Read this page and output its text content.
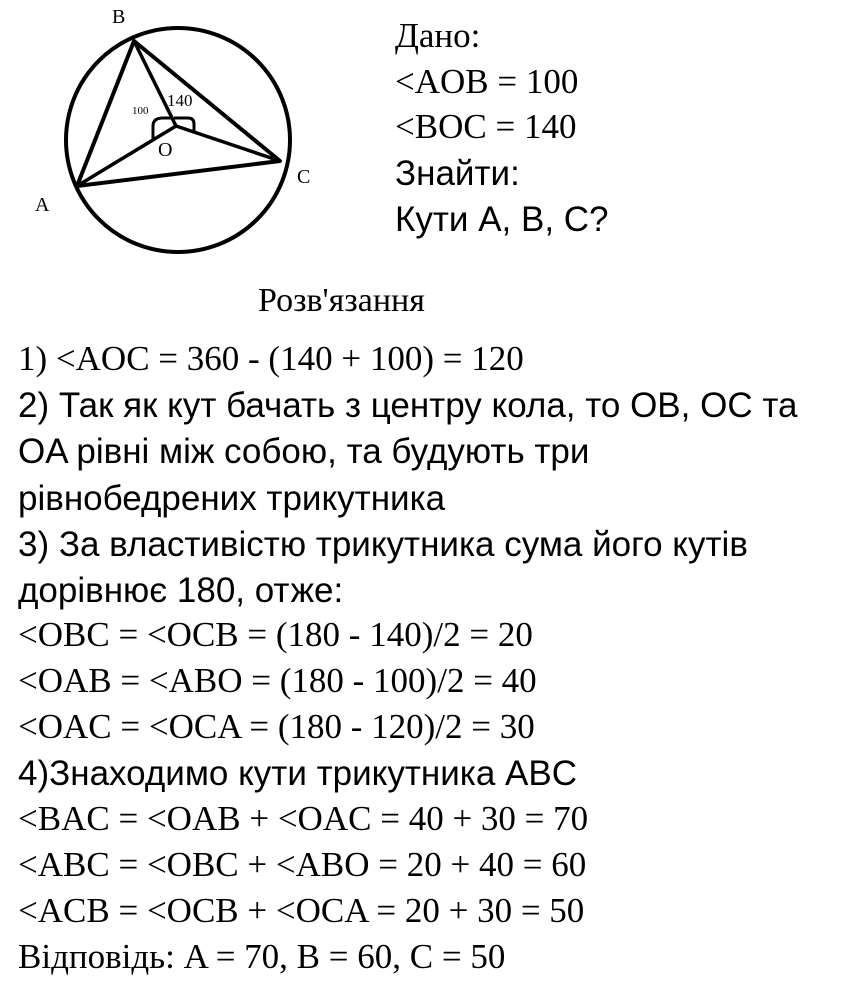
B
A
C
O
100
140
Дано:
<AOB = 100
<BOC = 140
Знайти:
Кути A, B, C?
Розв'язання
1) <AOC = 360 - (140 + 100) = 120
2) Так як кут бачать з центру кола, то OB, OC та
OA рівні між собою, та будують три
рівнобедрених трикутника
3) За властивістю трикутника сума його кутів
дорівнює 180, отже:
<OBC = <OCB = (180 - 140)/2 = 20
<OAB = <ABO = (180 - 100)/2 = 40
<OAC = <OCA = (180 - 120)/2 = 30
4)Знаходимо кути трикутника ABC
<BAC = <OAB + <OAC = 40 + 30 = 70
<ABC = <OBC + <ABO = 20 + 40 = 60
<ACB = <OCB + <OCA = 20 + 30 = 50
Відповідь: A = 70, B = 60, C = 50
